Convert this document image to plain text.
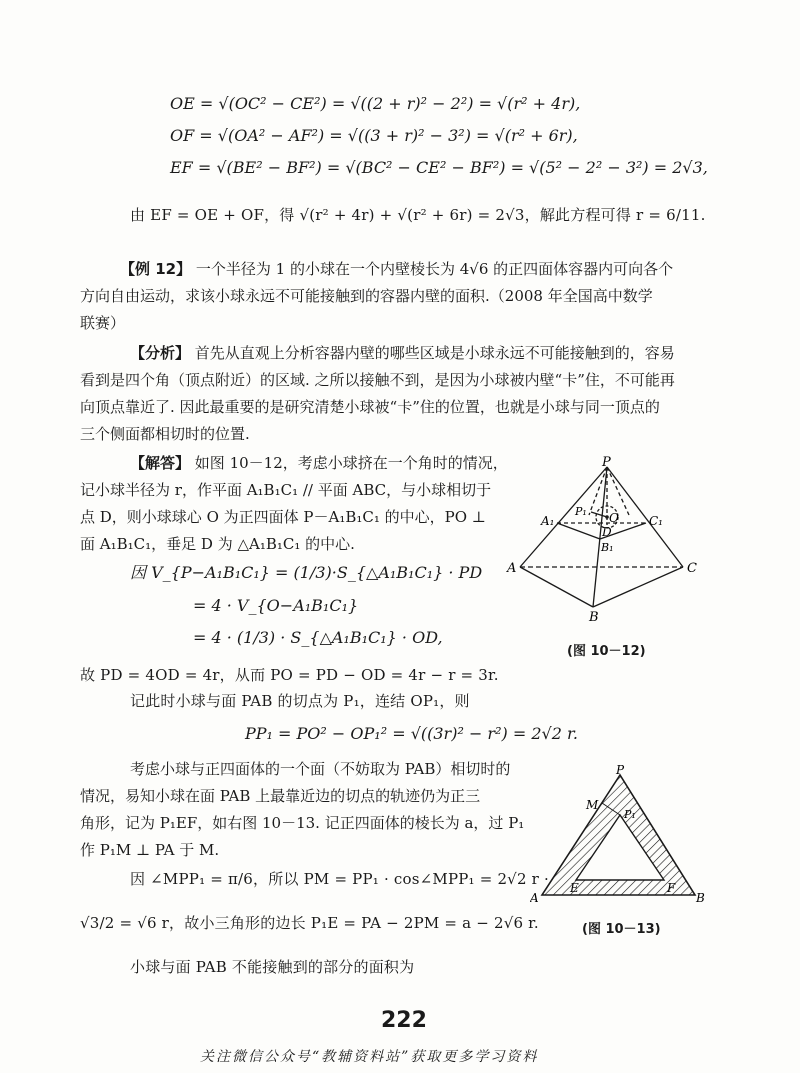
OE = √(OC² − CE²) = √((2 + r)² − 2²) = √(r² + 4r),
OF = √(OA² − AF²) = √((3 + r)² − 3²) = √(r² + 6r),
EF = √(BE² − BF²) = √(BC² − CE² − BF²) = √(5² − 2² − 3²) = 2√3,
由 EF = OE + OF，得 √(r² + 4r) + √(r² + 6r) = 2√3，解此方程可得 r = 6/11.
【例 12】 一个半径为 1 的小球在一个内壁棱长为 4√6 的正四面体容器内可向各个
方向自由运动，求该小球永远不可能接触到的容器内壁的面积.（2008 年全国高中数学
联赛）
【分析】 首先从直观上分析容器内壁的哪些区域是小球永远不可能接触到的，容易
看到是四个角（顶点附近）的区域. 之所以接触不到，是因为小球被内壁“卡”住，不可能再
向顶点靠近了. 因此最重要的是研究清楚小球被“卡”住的位置，也就是小球与同一顶点的
三个侧面都相切时的位置.
【解答】 如图 10－12，考虑小球挤在一个角时的情况，
记小球半径为 r，作平面 A₁B₁C₁ // 平面 ABC，与小球相切于
点 D，则小球球心 O 为正四面体 P－A₁B₁C₁ 的中心，PO ⊥
面 A₁B₁C₁，垂足 D 为 △A₁B₁C₁ 的中心.
因 V_{P−A₁B₁C₁} = (1/3)·S_{△A₁B₁C₁} · PD
= 4 · V_{O−A₁B₁C₁}
= 4 · (1/3) · S_{△A₁B₁C₁} · OD,
故 PD = 4OD = 4r，从而 PO = PD − OD = 4r − r = 3r.
记此时小球与面 PAB 的切点为 P₁，连结 OP₁，则
PP₁ = PO² − OP₁² = √((3r)² − r²) = 2√2 r.
考虑小球与正四面体的一个面（不妨取为 PAB）相切时的
情况，易知小球在面 PAB 上最靠近边的切点的轨迹仍为正三
角形，记为 P₁EF，如右图 10－13. 记正四面体的棱长为 a，过 P₁
作 P₁M ⊥ PA 于 M.
因 ∠MPP₁ = π/6，所以 PM = PP₁ · cos∠MPP₁ = 2√2 r ·
√3/2 = √6 r，故小三角形的边长 P₁E = PA − 2PM = a − 2√6 r.
小球与面 PAB 不能接触到的部分的面积为
P
A₁	C₁
P₁ O
D
B₁
A
B
C
(图 10－12)
P
M
P₁
E	F
A	B
(图 10－13)
222
关注微信公众号“教辅资料站”获取更多学习资料
